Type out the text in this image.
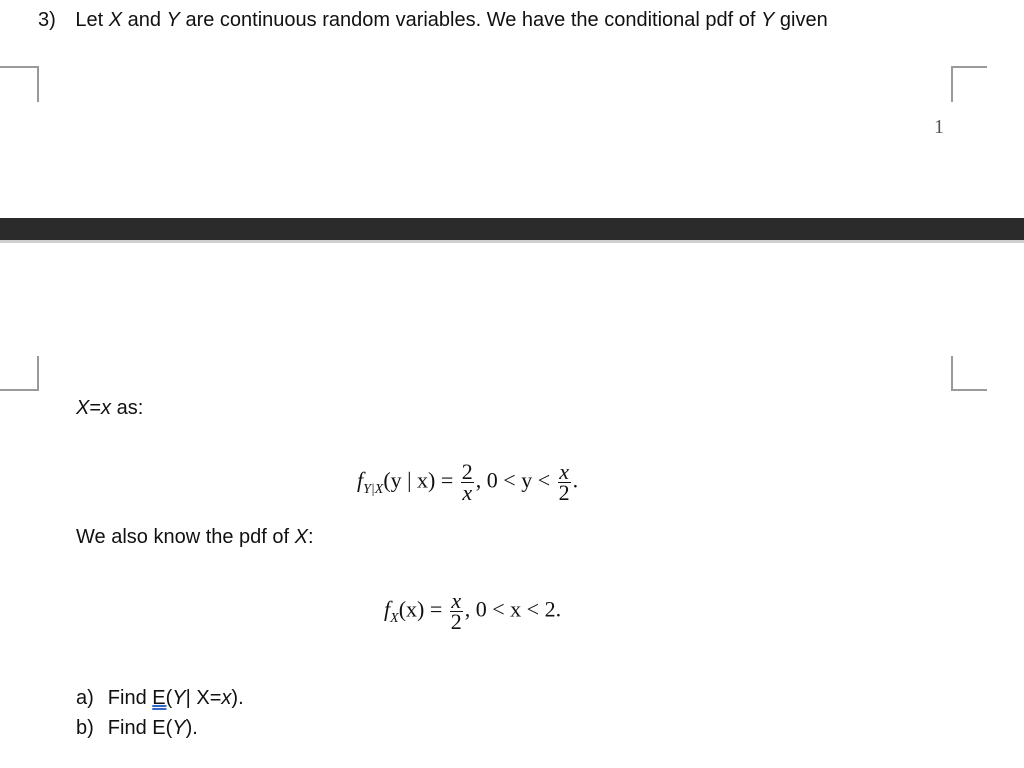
3) Let X and Y are continuous random variables. We have the conditional pdf of Y given
1
X=x as:
$f_{Y|X}(y$ | $x) = \frac{2}{x}$ , $0 < y < \frac{x}{2}$ .
We also know the pdf of X:
$f_X(x) = \frac{x}{2}$ , 0 < x < 2.
a) Find E(Y| X=x).
b) Find E(Y).
